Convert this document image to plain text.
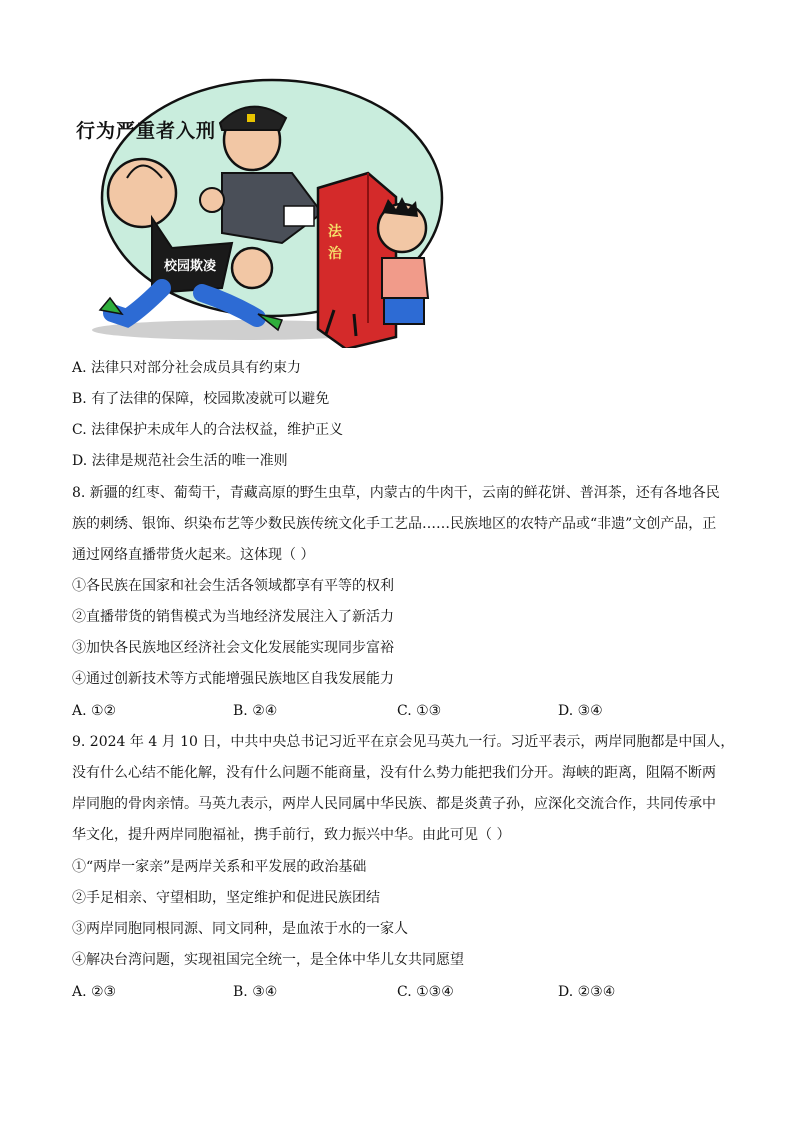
校园欺凌
法
治
行为严重者入刑
A. 法律只对部分社会成员具有约束力
B. 有了法律的保障，校园欺凌就可以避免
C. 法律保护未成年人的合法权益，维护正义
D. 法律是规范社会生活的唯一准则
8. 新疆的红枣、葡萄干，青藏高原的野生虫草，内蒙古的牛肉干，云南的鲜花饼、普洱茶，还有各地各民
族的刺绣、银饰、织染布艺等少数民族传统文化手工艺品……民族地区的农特产品或“非遗”文创产品，正
通过网络直播带货火起来。这体现（ ）
①各民族在国家和社会生活各领域都享有平等的权利
②直播带货的销售模式为当地经济发展注入了新活力
③加快各民族地区经济社会文化发展能实现同步富裕
④通过创新技术等方式能增强民族地区自我发展能力
A. ①②	B. ②④	C. ①③	D. ③④
9. 2024 年 4 月 10 日，中共中央总书记习近平在京会见马英九一行。习近平表示，两岸同胞都是中国人，
没有什么心结不能化解，没有什么问题不能商量，没有什么势力能把我们分开。海峡的距离，阻隔不断两
岸同胞的骨肉亲情。马英九表示，两岸人民同属中华民族、都是炎黄子孙，应深化交流合作，共同传承中
华文化，提升两岸同胞福祉，携手前行，致力振兴中华。由此可见（ ）
①“两岸一家亲”是两岸关系和平发展的政治基础
②手足相亲、守望相助，坚定维护和促进民族团结
③两岸同胞同根同源、同文同种，是血浓于水的一家人
④解决台湾问题，实现祖国完全统一，是全体中华儿女共同愿望
A. ②③	B. ③④	C. ①③④	D. ②③④
